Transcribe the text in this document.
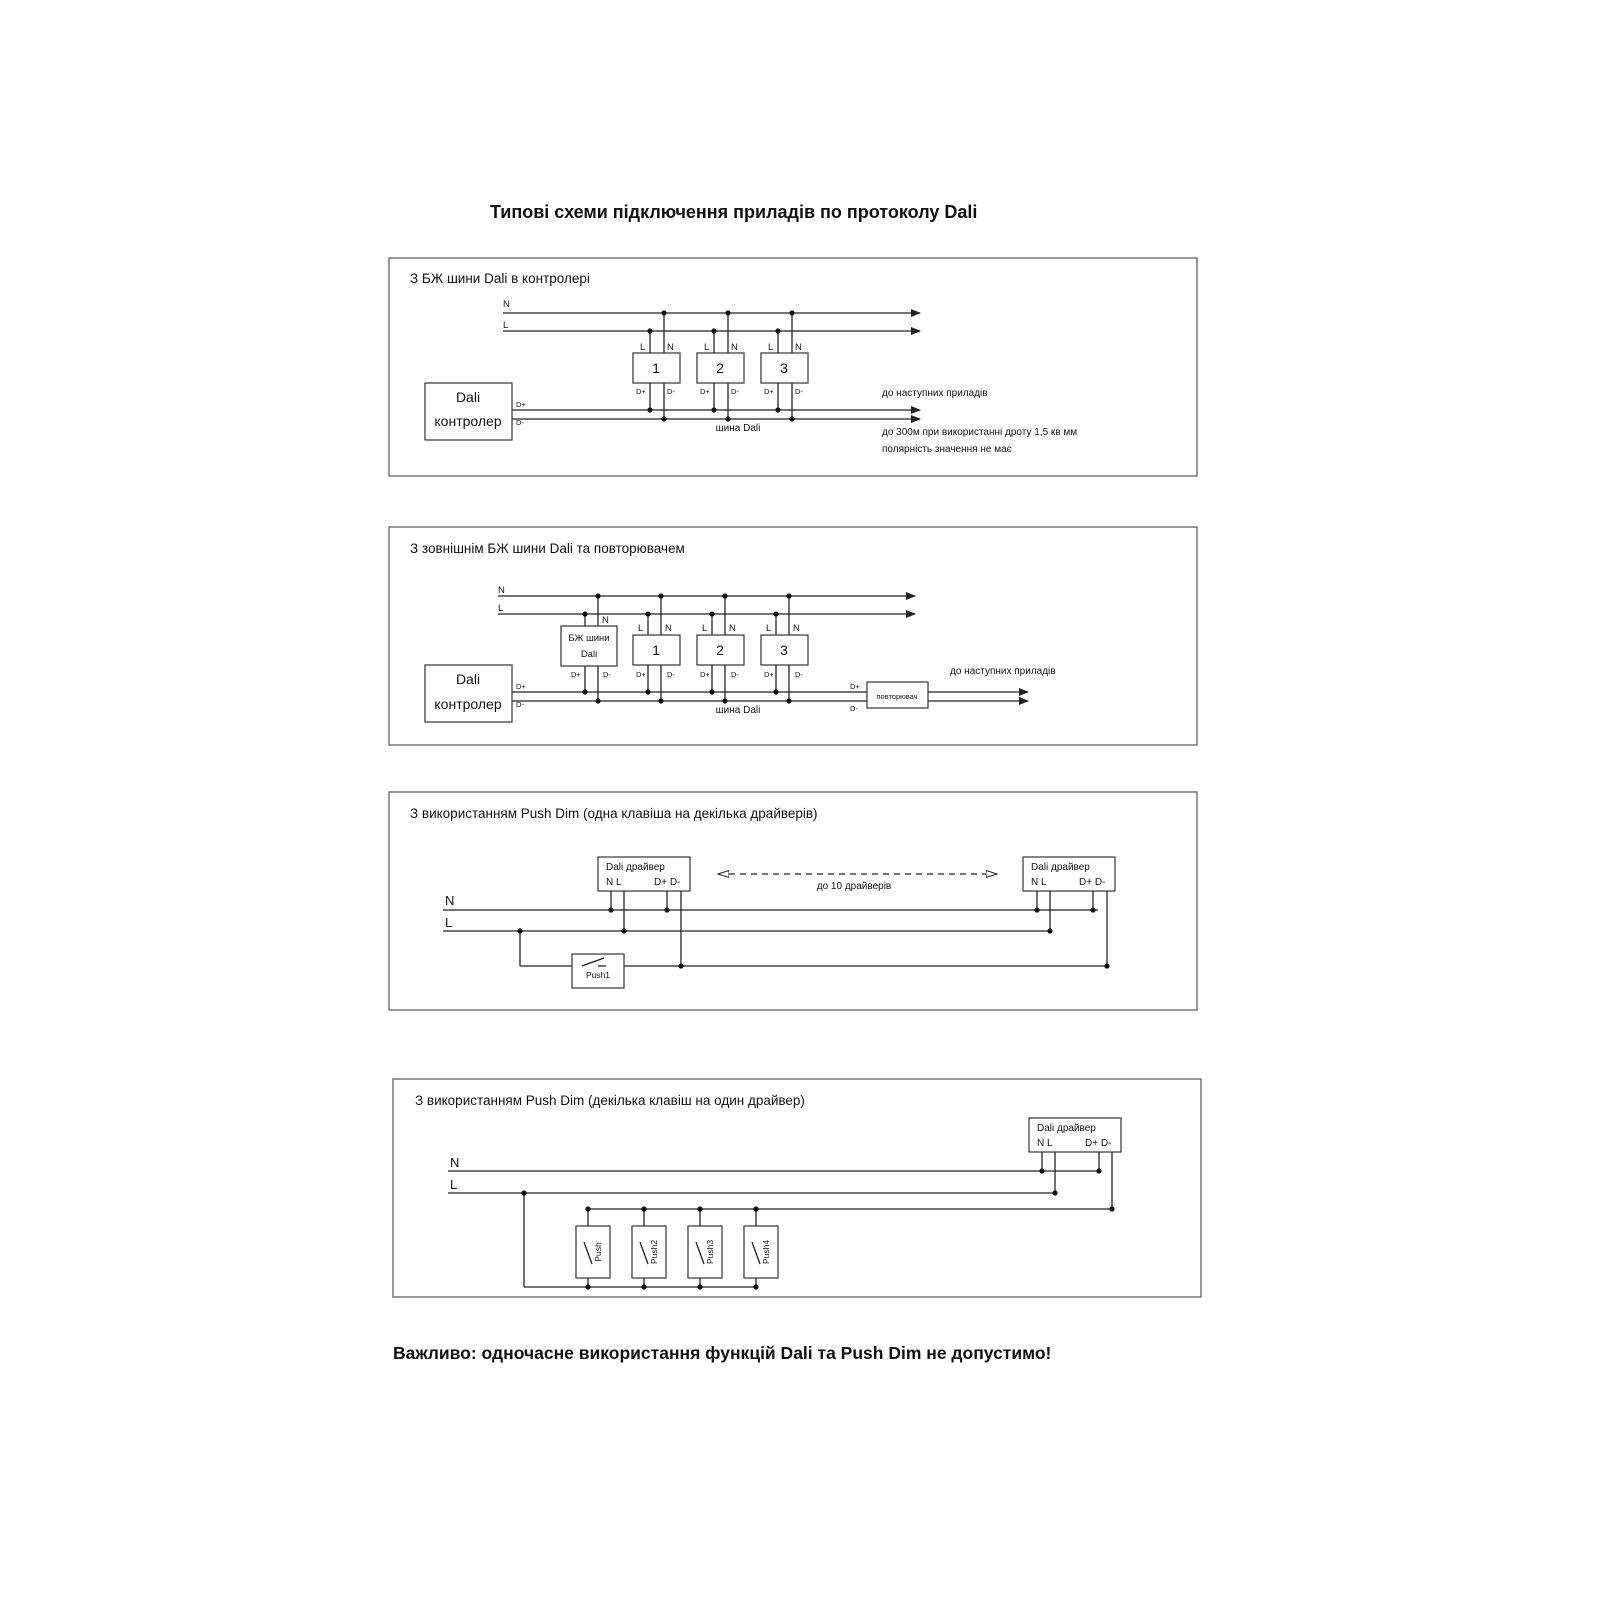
Типові схеми підключення приладів по протоколу Dali
З БЖ шини Dali в контролері
N
L
Dali
контролер
D+
D-
L N
1
D+	D-
L N
2
D+	D-
L N
3
D+	D-
шина Dali
до наступних приладів
до 300м при використанні дроту 1,5 кв мм
полярність значення не має
З зовнішнім БЖ шини Dali та повторювачем
N
L
Dali
контролер
D+
D-
N
БЖ шини
Dali
D+	D-
L N
1
D+	D-
L N
2
D+	D-
L N
3
D+	D-
повторювач
D+
D-
шина Dali
до наступних приладів
З використанням Push Dim (одна клавіша на декілька драйверів)
N
L
Push1
Dali драйвер
N L	D+ D-
Dali драйвер
N L	D+ D-
до 10 драйверів
З використанням Push Dim (декілька клавіш на один драйвер)
N
L
Dali драйвер
N L	D+ D-
Push	Push2	Push3	Push4
Важливо: одночасне використання функцій Dali та Push Dim не допустимо!
